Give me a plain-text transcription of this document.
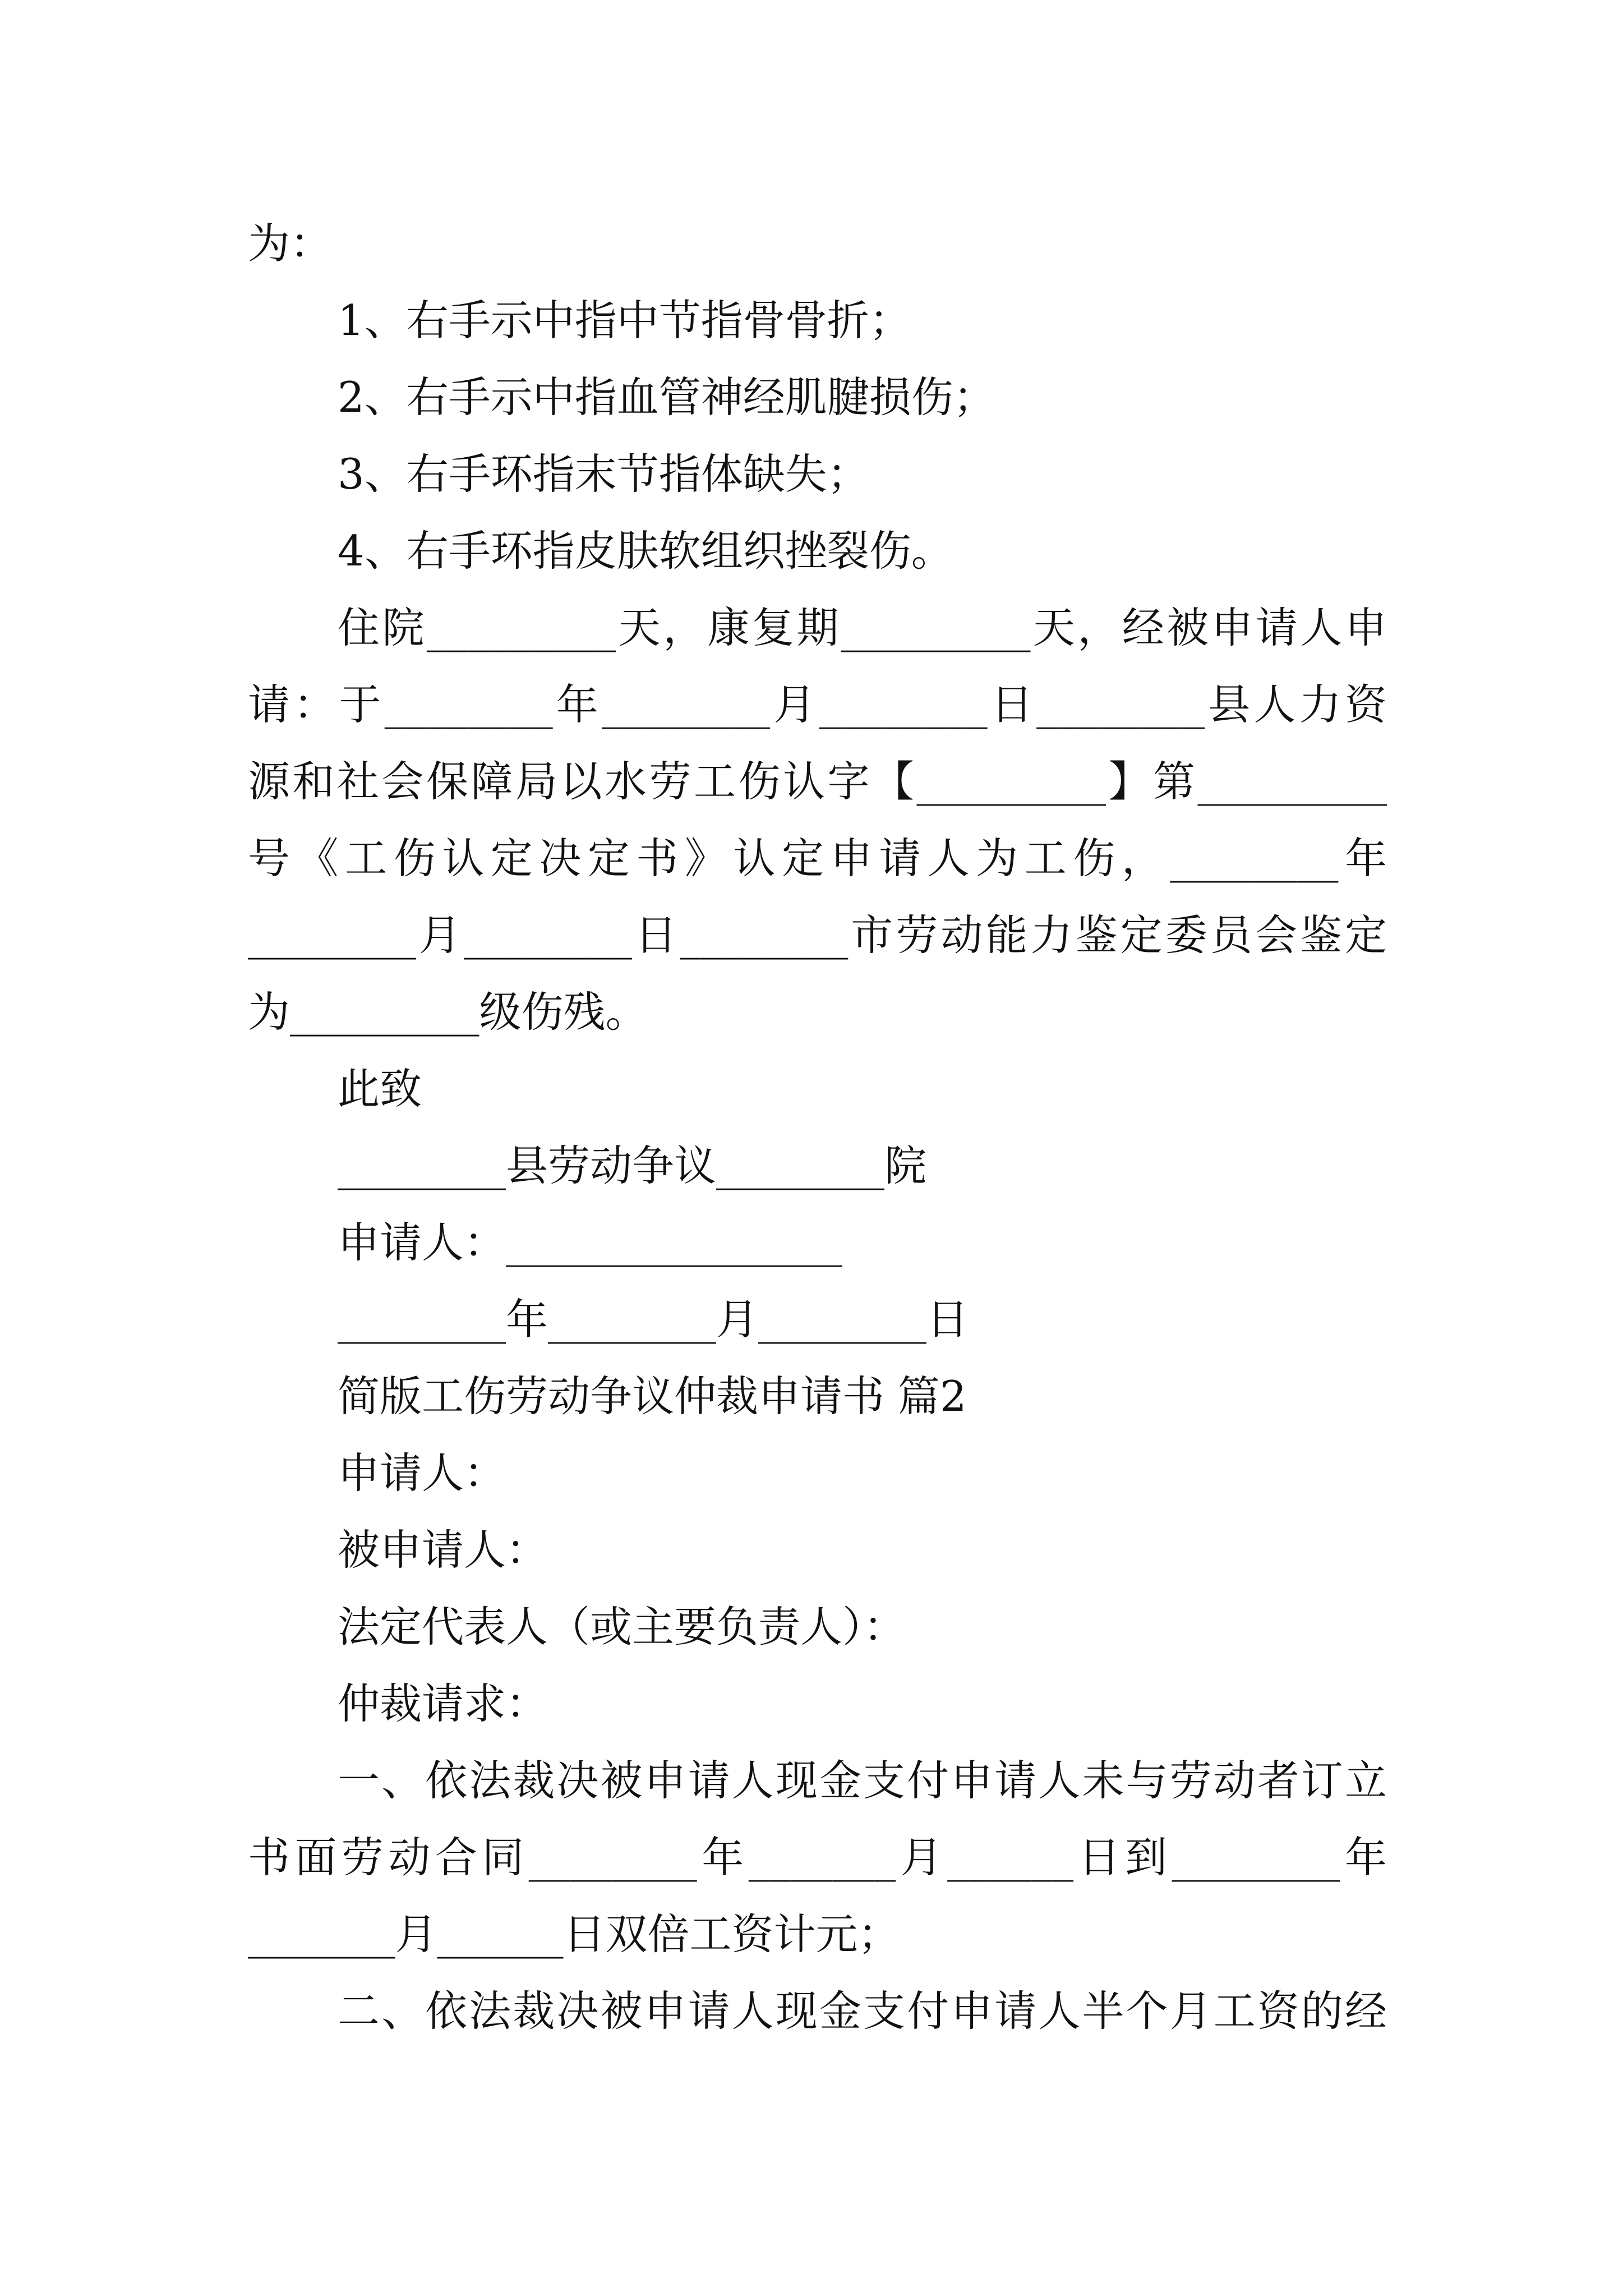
为：
1、右手示中指中节指骨骨折；
2、右手示中指血管神经肌腱损伤；
3、右手环指末节指体缺失；
4、右手环指皮肤软组织挫裂伤。
住院_________天，康复期_________天，经被申请人申
请：于________年________月________日________县人力资
源和社会保障局以水劳工伤认字【_________】第_________
号《工伤认定决定书》认定申请人为工伤，________年
________月________日________市劳动能力鉴定委员会鉴定
为_________级伤残。
此致
________县劳动争议________院
申请人：________________
________年________月________日
简版工伤劳动争议仲裁申请书 篇2
申请人：
被申请人：
法定代表人（或主要负责人）：
仲裁请求：
一、依法裁决被申请人现金支付申请人未与劳动者订立
书面劳动合同________年_______月______日到________年
_______月______日双倍工资计元；
二、依法裁决被申请人现金支付申请人半个月工资的经
